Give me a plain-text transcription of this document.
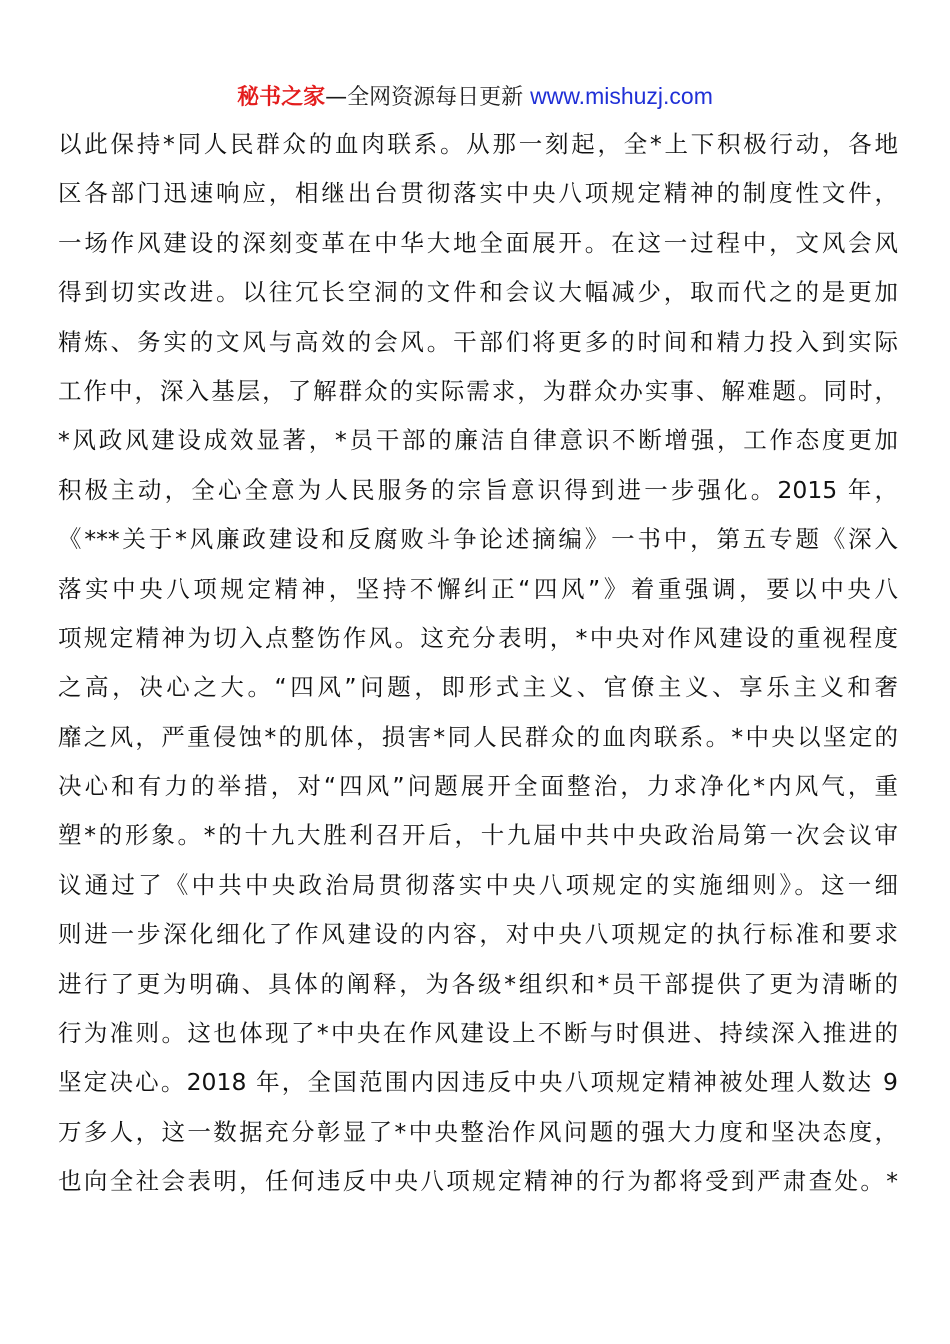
秘书之家—全网资源每日更新 www.mishuzj.com
以此保持*同人民群众的血肉联系。从那一刻起，全*上下积极行动，各地
区各部门迅速响应，相继出台贯彻落实中央八项规定精神的制度性文件，
一场作风建设的深刻变革在中华大地全面展开。在这一过程中，文风会风
得到切实改进。以往冗长空洞的文件和会议大幅减少，取而代之的是更加
精炼、务实的文风与高效的会风。干部们将更多的时间和精力投入到实际
工作中，深入基层，了解群众的实际需求，为群众办实事、解难题。同时，
*风政风建设成效显著，*员干部的廉洁自律意识不断增强，工作态度更加
积极主动，全心全意为人民服务的宗旨意识得到进一步强化。2015 年，
《***关于*风廉政建设和反腐败斗争论述摘编》一书中，第五专题《深入
落实中央八项规定精神，坚持不懈纠正“四风”》着重强调，要以中央八
项规定精神为切入点整饬作风。这充分表明，*中央对作风建设的重视程度
之高，决心之大。“四风”问题，即形式主义、官僚主义、享乐主义和奢
靡之风，严重侵蚀*的肌体，损害*同人民群众的血肉联系。*中央以坚定的
决心和有力的举措，对“四风”问题展开全面整治，力求净化*内风气，重
塑*的形象。*的十九大胜利召开后，十九届中共中央政治局第一次会议审
议通过了《中共中央政治局贯彻落实中央八项规定的实施细则》。这一细
则进一步深化细化了作风建设的内容，对中央八项规定的执行标准和要求
进行了更为明确、具体的阐释，为各级*组织和*员干部提供了更为清晰的
行为准则。这也体现了*中央在作风建设上不断与时俱进、持续深入推进的
坚定决心。2018 年，全国范围内因违反中央八项规定精神被处理人数达 9
万多人，这一数据充分彰显了*中央整治作风问题的强大力度和坚决态度，
也向全社会表明，任何违反中央八项规定精神的行为都将受到严肃查处。*
